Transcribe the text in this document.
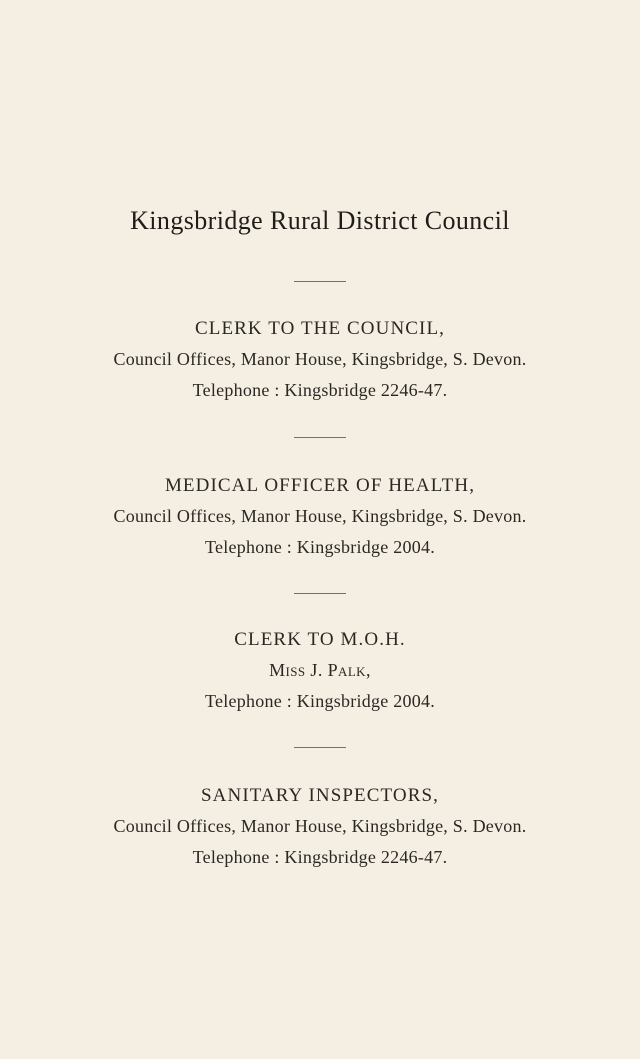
Kingsbridge Rural District Council
CLERK TO THE COUNCIL,
Council Offices, Manor House, Kingsbridge, S. Devon.
Telephone : Kingsbridge 2246-47.
MEDICAL OFFICER OF HEALTH,
Council Offices, Manor House, Kingsbridge, S. Devon.
Telephone : Kingsbridge 2004.
CLERK TO M.O.H.
Miss J. Palk,
Telephone : Kingsbridge 2004.
SANITARY INSPECTORS,
Council Offices, Manor House, Kingsbridge, S. Devon.
Telephone : Kingsbridge 2246-47.
